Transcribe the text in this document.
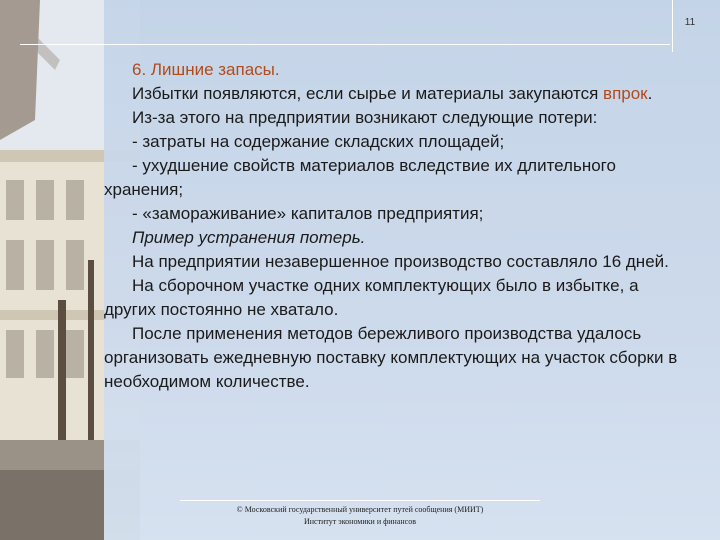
11

6. Лишние запасы.

Избытки появляются, если сырье и материалы закупаются впрок.

Из-за этого на предприятии возникают следующие потери:

- затраты на содержание складских площадей;

- ухудшение свойств материалов вследствие их длительного хранения;

- «замораживание» капиталов предприятия;

Пример устранения потерь.

На предприятии незавершенное производство составляло 16 дней.

На сборочном участке одних комплектующих было в избытке, а других постоянно не хватало.

После применения методов бережливого производства удалось организовать ежедневную поставку комплектующих на участок сборки в необходимом количестве.

© Московский государственный университет путей сообщения (МИИТ)
Институт экономики и финансов
